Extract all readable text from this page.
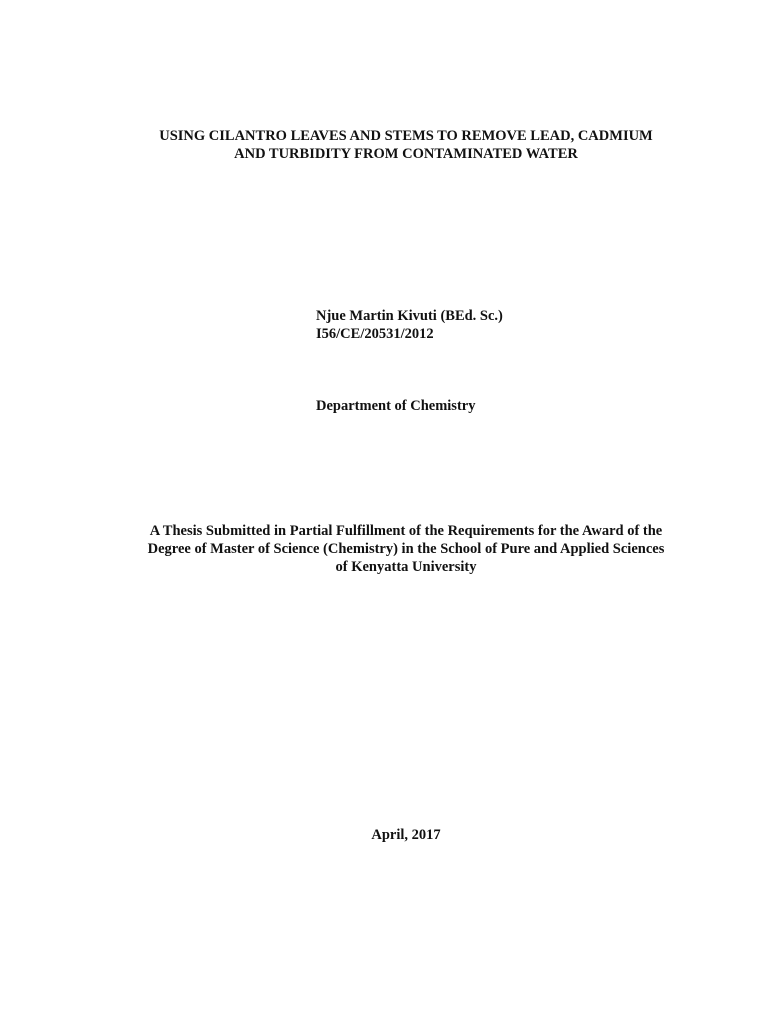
USING CILANTRO LEAVES AND STEMS TO REMOVE LEAD, CADMIUM
AND TURBIDITY FROM CONTAMINATED WATER
Njue Martin Kivuti (BEd. Sc.)
I56/CE/20531/2012
Department of Chemistry
A Thesis Submitted in Partial Fulfillment of the Requirements for the Award of the
Degree of Master of Science (Chemistry) in the School of Pure and Applied Sciences
of Kenyatta University
April, 2017
